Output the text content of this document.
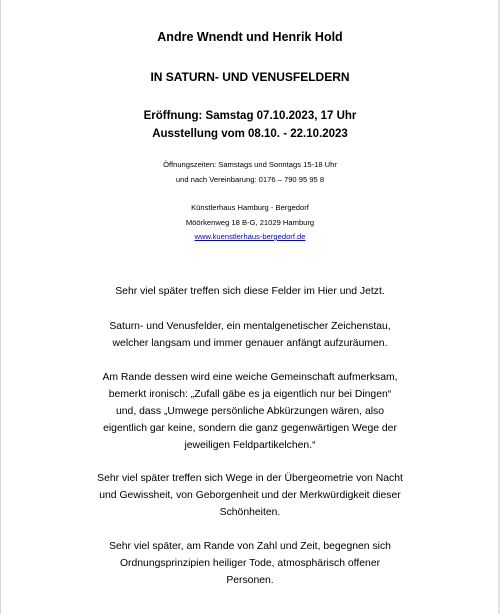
Andre Wnendt und Henrik Hold
IN SATURN- UND VENUSFELDERN
Eröffnung: Samstag 07.10.2023, 17 Uhr
Ausstellung vom 08.10. - 22.10.2023
Öffnungszeiten: Samstags und Sonntags 15-18 Uhr
und nach Vereinbarung: 0176 – 790 95 95 8
Künstlerhaus Hamburg - Bergedorf
Möörkenweg 18 B-G, 21029 Hamburg
www.kuenstlerhaus-bergedorf.de
Sehr viel später treffen sich diese Felder im Hier und Jetzt.
Saturn- und Venusfelder, ein mentalgenetischer Zeichenstau,
welcher langsam und immer genauer anfängt aufzuräumen.
Am Rande dessen wird eine weiche Gemeinschaft aufmerksam,
bemerkt ironisch: „Zufall gäbe es ja eigentlich nur bei Dingen“
und, dass „Umwege persönliche Abkürzungen wären, also
eigentlich gar keine, sondern die ganz gegenwärtigen Wege der
jeweiligen Feldpartikelchen.“
Sehr viel später treffen sich Wege in der Übergeometrie von Nacht
und Gewissheit, von Geborgenheit und der Merkwürdigkeit dieser
Schönheiten.
Sehr viel später, am Rande von Zahl und Zeit, begegnen sich
Ordnungsprinzipien heiliger Tode, atmosphärisch offener
Personen.
